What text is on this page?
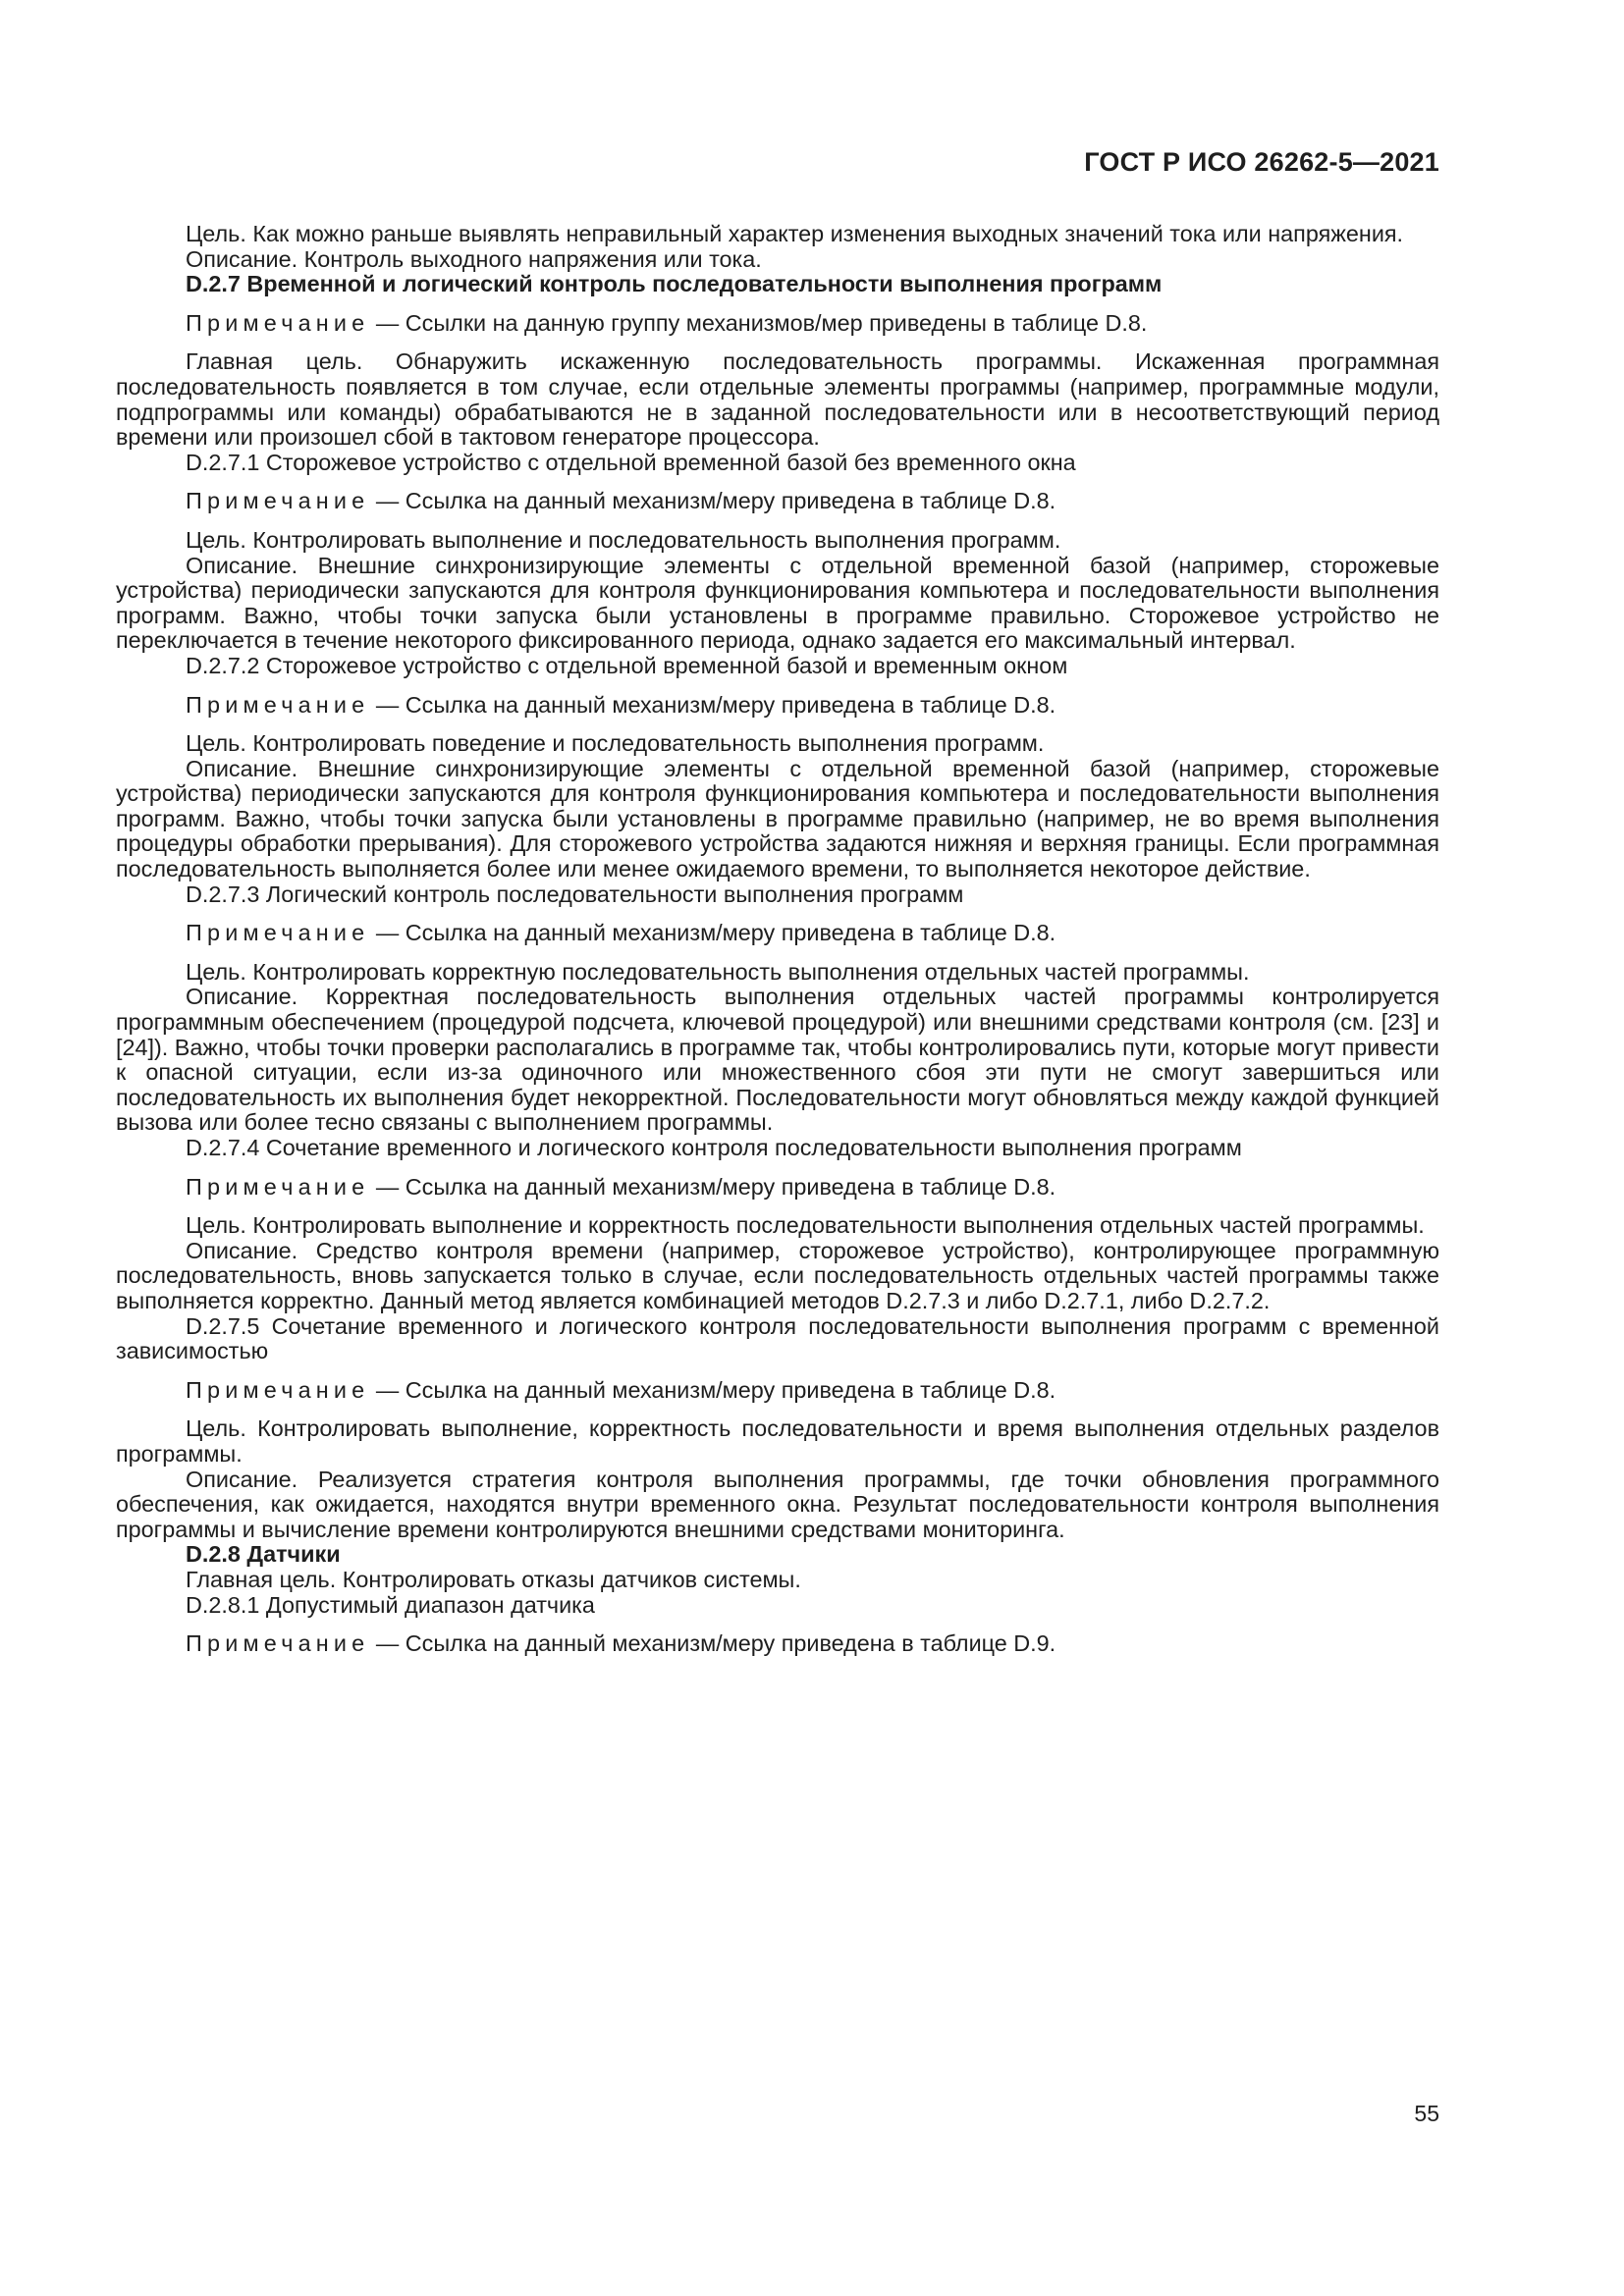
ГОСТ Р ИСО 26262-5—2021

Цель. Как можно раньше выявлять неправильный характер изменения выходных значений тока или напряжения.

Описание. Контроль выходного напряжения или тока.

D.2.7 Временной и логический контроль последовательности выполнения программ

Примечание — Ссылки на данную группу механизмов/мер приведены в таблице D.8.

Главная цель. Обнаружить искаженную последовательность программы. Искаженная программная последовательность появляется в том случае, если отдельные элементы программы (например, программные модули, подпрограммы или команды) обрабатываются не в заданной последовательности или в несоответствующий период времени или произошел сбой в тактовом генераторе процессора.

D.2.7.1 Сторожевое устройство с отдельной временной базой без временного окна

Примечание — Ссылка на данный механизм/меру приведена в таблице D.8.

Цель. Контролировать выполнение и последовательность выполнения программ.

Описание. Внешние синхронизирующие элементы с отдельной временной базой (например, сторожевые устройства) периодически запускаются для контроля функционирования компьютера и последовательности выполнения программ. Важно, чтобы точки запуска были установлены в программе правильно. Сторожевое устройство не переключается в течение некоторого фиксированного периода, однако задается его максимальный интервал.

D.2.7.2 Сторожевое устройство с отдельной временной базой и временным окном

Примечание — Ссылка на данный механизм/меру приведена в таблице D.8.

Цель. Контролировать поведение и последовательность выполнения программ.

Описание. Внешние синхронизирующие элементы с отдельной временной базой (например, сторожевые устройства) периодически запускаются для контроля функционирования компьютера и последовательности выполнения программ. Важно, чтобы точки запуска были установлены в программе правильно (например, не во время выполнения процедуры обработки прерывания). Для сторожевого устройства задаются нижняя и верхняя границы. Если программная последовательность выполняется более или менее ожидаемого времени, то выполняется некоторое действие.

D.2.7.3 Логический контроль последовательности выполнения программ

Примечание — Ссылка на данный механизм/меру приведена в таблице D.8.

Цель. Контролировать корректную последовательность выполнения отдельных частей программы.

Описание. Корректная последовательность выполнения отдельных частей программы контролируется программным обеспечением (процедурой подсчета, ключевой процедурой) или внешними средствами контроля (см. [23] и [24]). Важно, чтобы точки проверки располагались в программе так, чтобы контролировались пути, которые могут привести к опасной ситуации, если из-за одиночного или множественного сбоя эти пути не смогут завершиться или последовательность их выполнения будет некорректной. Последовательности могут обновляться между каждой функцией вызова или более тесно связаны с выполнением программы.

D.2.7.4 Сочетание временного и логического контроля последовательности выполнения программ

Примечание — Ссылка на данный механизм/меру приведена в таблице D.8.

Цель. Контролировать выполнение и корректность последовательности выполнения отдельных частей программы.

Описание. Средство контроля времени (например, сторожевое устройство), контролирующее программную последовательность, вновь запускается только в случае, если последовательность отдельных частей программы также выполняется корректно. Данный метод является комбинацией методов D.2.7.3 и либо D.2.7.1, либо D.2.7.2.

D.2.7.5 Сочетание временного и логического контроля последовательности выполнения программ с временной зависимостью

Примечание — Ссылка на данный механизм/меру приведена в таблице D.8.

Цель. Контролировать выполнение, корректность последовательности и время выполнения отдельных разделов программы.

Описание. Реализуется стратегия контроля выполнения программы, где точки обновления программного обеспечения, как ожидается, находятся внутри временного окна. Результат последовательности контроля выполнения программы и вычисление времени контролируются внешними средствами мониторинга.

D.2.8 Датчики

Главная цель. Контролировать отказы датчиков системы.

D.2.8.1 Допустимый диапазон датчика

Примечание — Ссылка на данный механизм/меру приведена в таблице D.9.

55
